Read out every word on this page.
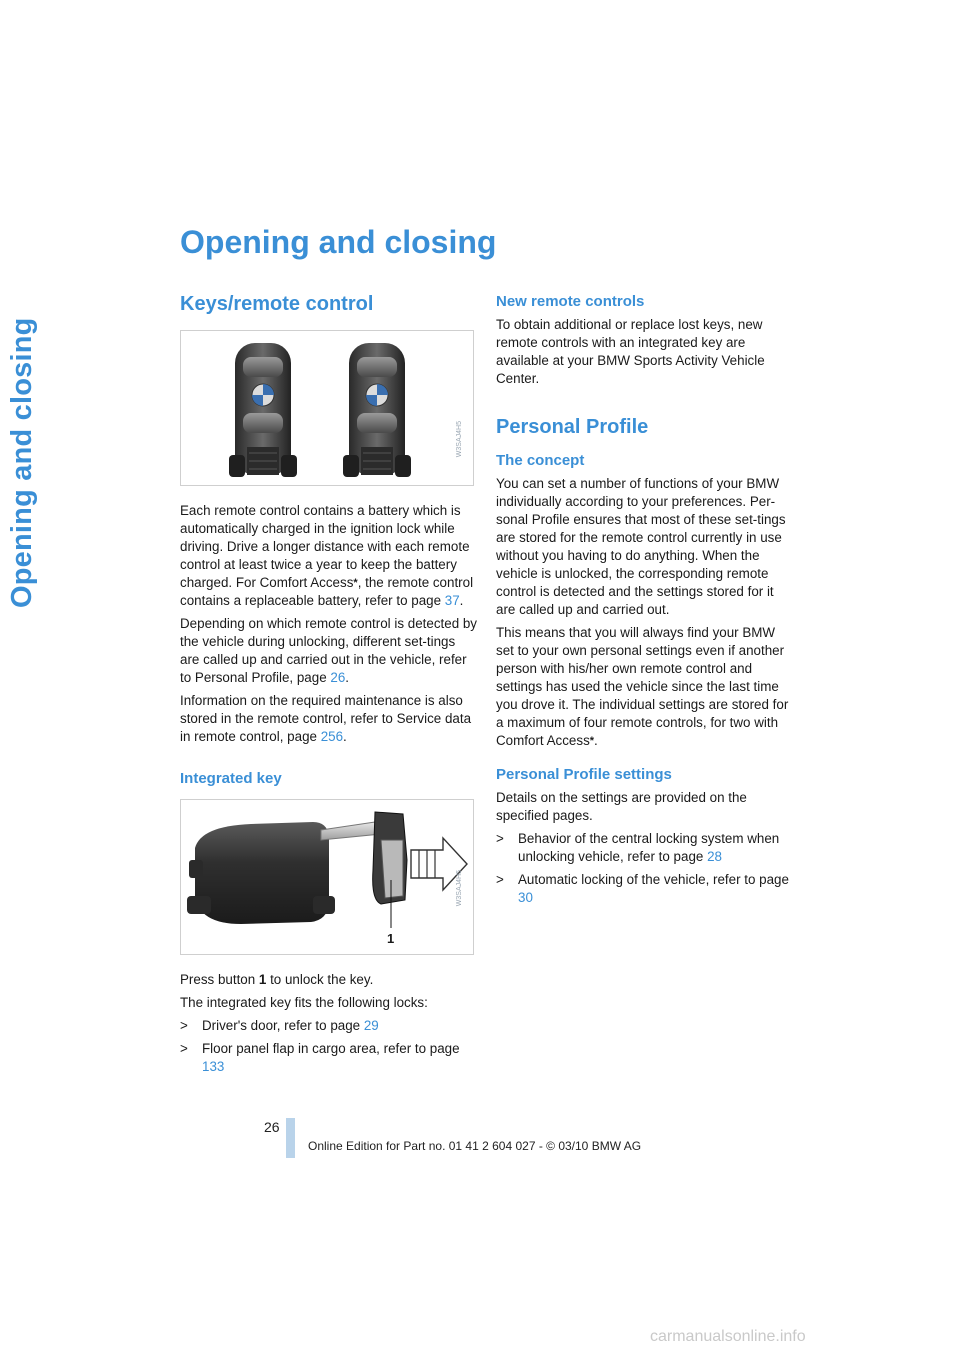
Opening and closing
Opening and closing
Keys/remote control
W3SAJ4H5

Each remote control contains a battery which is automatically charged in the ignition lock while driving. Drive a longer distance with each remote control at least twice a year to keep the battery charged. For Comfort Access*, the remote control contains a replaceable battery, refer to page 37.

Depending on which remote control is detected by the vehicle during unlocking, different set-tings are called up and carried out in the vehicle, refer to Personal Profile, page 26.

Information on the required maintenance is also stored in the remote control, refer to Service data in remote control, page 256.

Integrated key
1
W3SAJ4H5

Press button 1 to unlock the key.

The integrated key fits the following locks:

> Driver's door, refer to page 29
> Floor panel flap in cargo area, refer to page 133
New remote controls

To obtain additional or replace lost keys, new remote controls with an integrated key are available at your BMW Sports Activity Vehicle Center.

Personal Profile
The concept

You can set a number of functions of your BMW individually according to your preferences. Per-sonal Profile ensures that most of these set-tings are stored for the remote control currently in use without you having to do anything. When the vehicle is unlocked, the corresponding remote control is detected and the settings stored for it are called up and carried out.

This means that you will always find your BMW set to your own personal settings even if another person with his/her own remote control and settings has used the vehicle since the last time you drove it. The individual settings are stored for a maximum of four remote controls, for two with Comfort Access*.

Personal Profile settings

Details on the settings are provided on the specified pages.

> Behavior of the central locking system when unlocking vehicle, refer to page 28
> Automatic locking of the vehicle, refer to page 30
26
Online Edition for Part no. 01 41 2 604 027 - © 03/10 BMW AG
carmanualsonline.info
